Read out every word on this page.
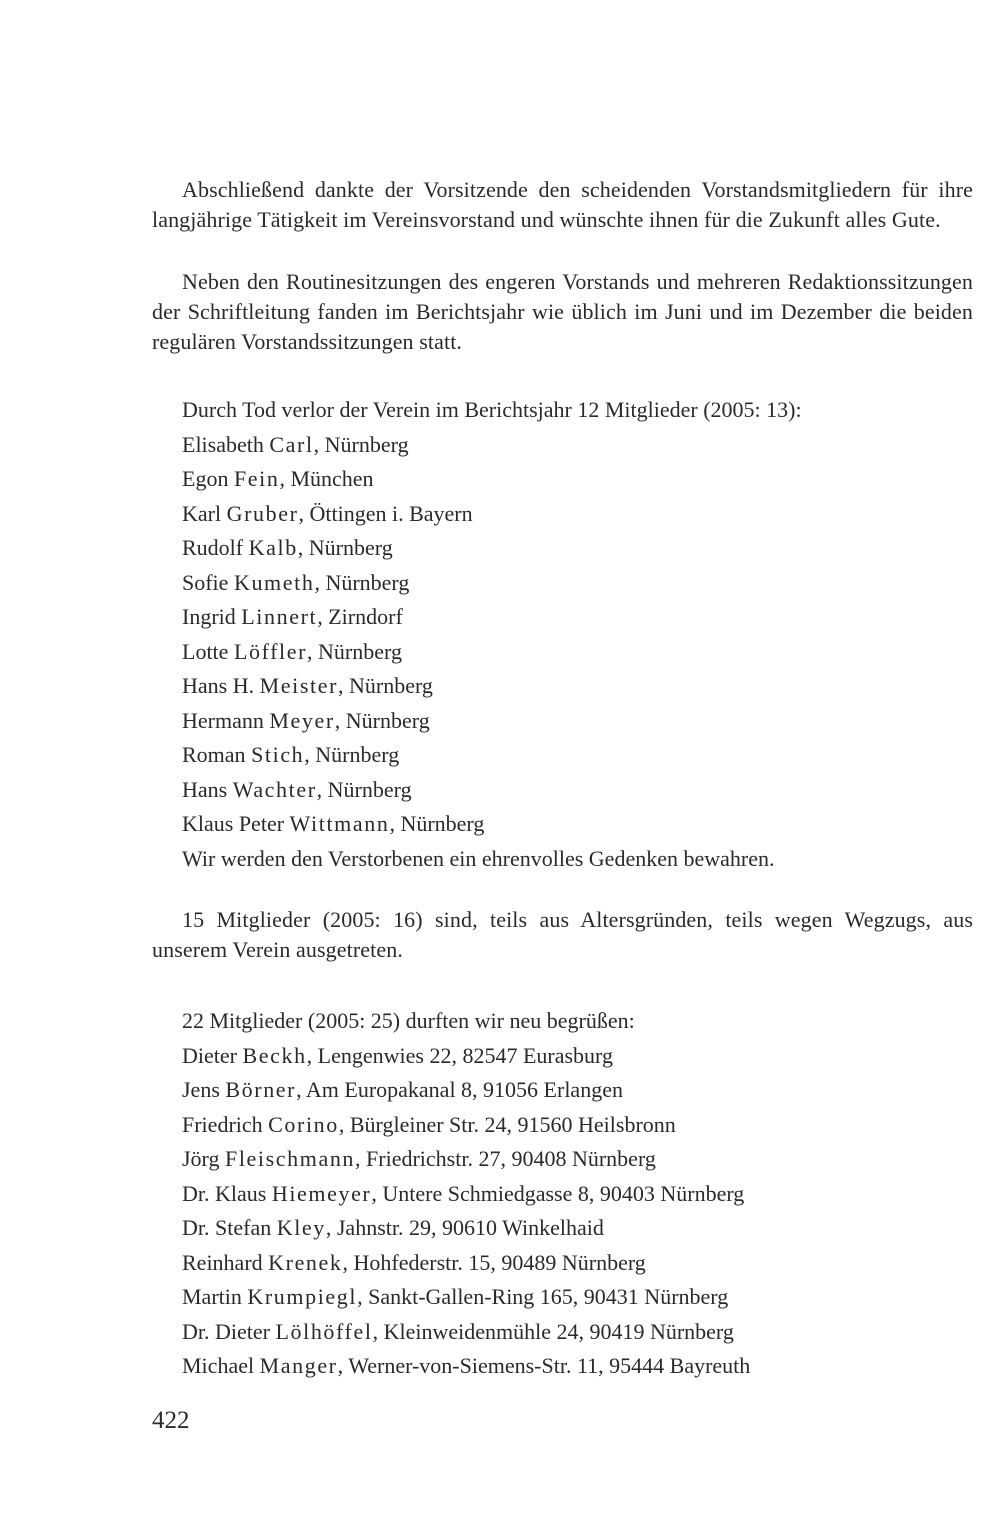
Abschließend dankte der Vorsitzende den scheidenden Vorstandsmitgliedern für ihre langjährige Tätigkeit im Vereinsvorstand und wünschte ihnen für die Zukunft alles Gute.

Neben den Routinesitzungen des engeren Vorstands und mehreren Redaktionssitzungen der Schriftleitung fanden im Berichtsjahr wie üblich im Juni und im Dezember die beiden regulären Vorstandssitzungen statt.

Durch Tod verlor der Verein im Berichtsjahr 12 Mitglieder (2005: 13):
Elisabeth Carl, Nürnberg
Egon Fein, München
Karl Gruber, Öttingen i. Bayern
Rudolf Kalb, Nürnberg
Sofie Kumeth, Nürnberg
Ingrid Linnert, Zirndorf
Lotte Löffler, Nürnberg
Hans H. Meister, Nürnberg
Hermann Meyer, Nürnberg
Roman Stich, Nürnberg
Hans Wachter, Nürnberg
Klaus Peter Wittmann, Nürnberg
Wir werden den Verstorbenen ein ehrenvolles Gedenken bewahren.

15 Mitglieder (2005: 16) sind, teils aus Altersgründen, teils wegen Wegzugs, aus unserem Verein ausgetreten.

22 Mitglieder (2005: 25) durften wir neu begrüßen:
Dieter Beckh, Lengenwies 22, 82547 Eurasburg
Jens Börner, Am Europakanal 8, 91056 Erlangen
Friedrich Corino, Bürgleiner Str. 24, 91560 Heilsbronn
Jörg Fleischmann, Friedrichstr. 27, 90408 Nürnberg
Dr. Klaus Hiemeyer, Untere Schmiedgasse 8, 90403 Nürnberg
Dr. Stefan Kley, Jahnstr. 29, 90610 Winkelhaid
Reinhard Krenek, Hohfederstr. 15, 90489 Nürnberg
Martin Krumpiegl, Sankt-Gallen-Ring 165, 90431 Nürnberg
Dr. Dieter Lölhöffel, Kleinweidenmühle 24, 90419 Nürnberg
Michael Manger, Werner-von-Siemens-Str. 11, 95444 Bayreuth
422
